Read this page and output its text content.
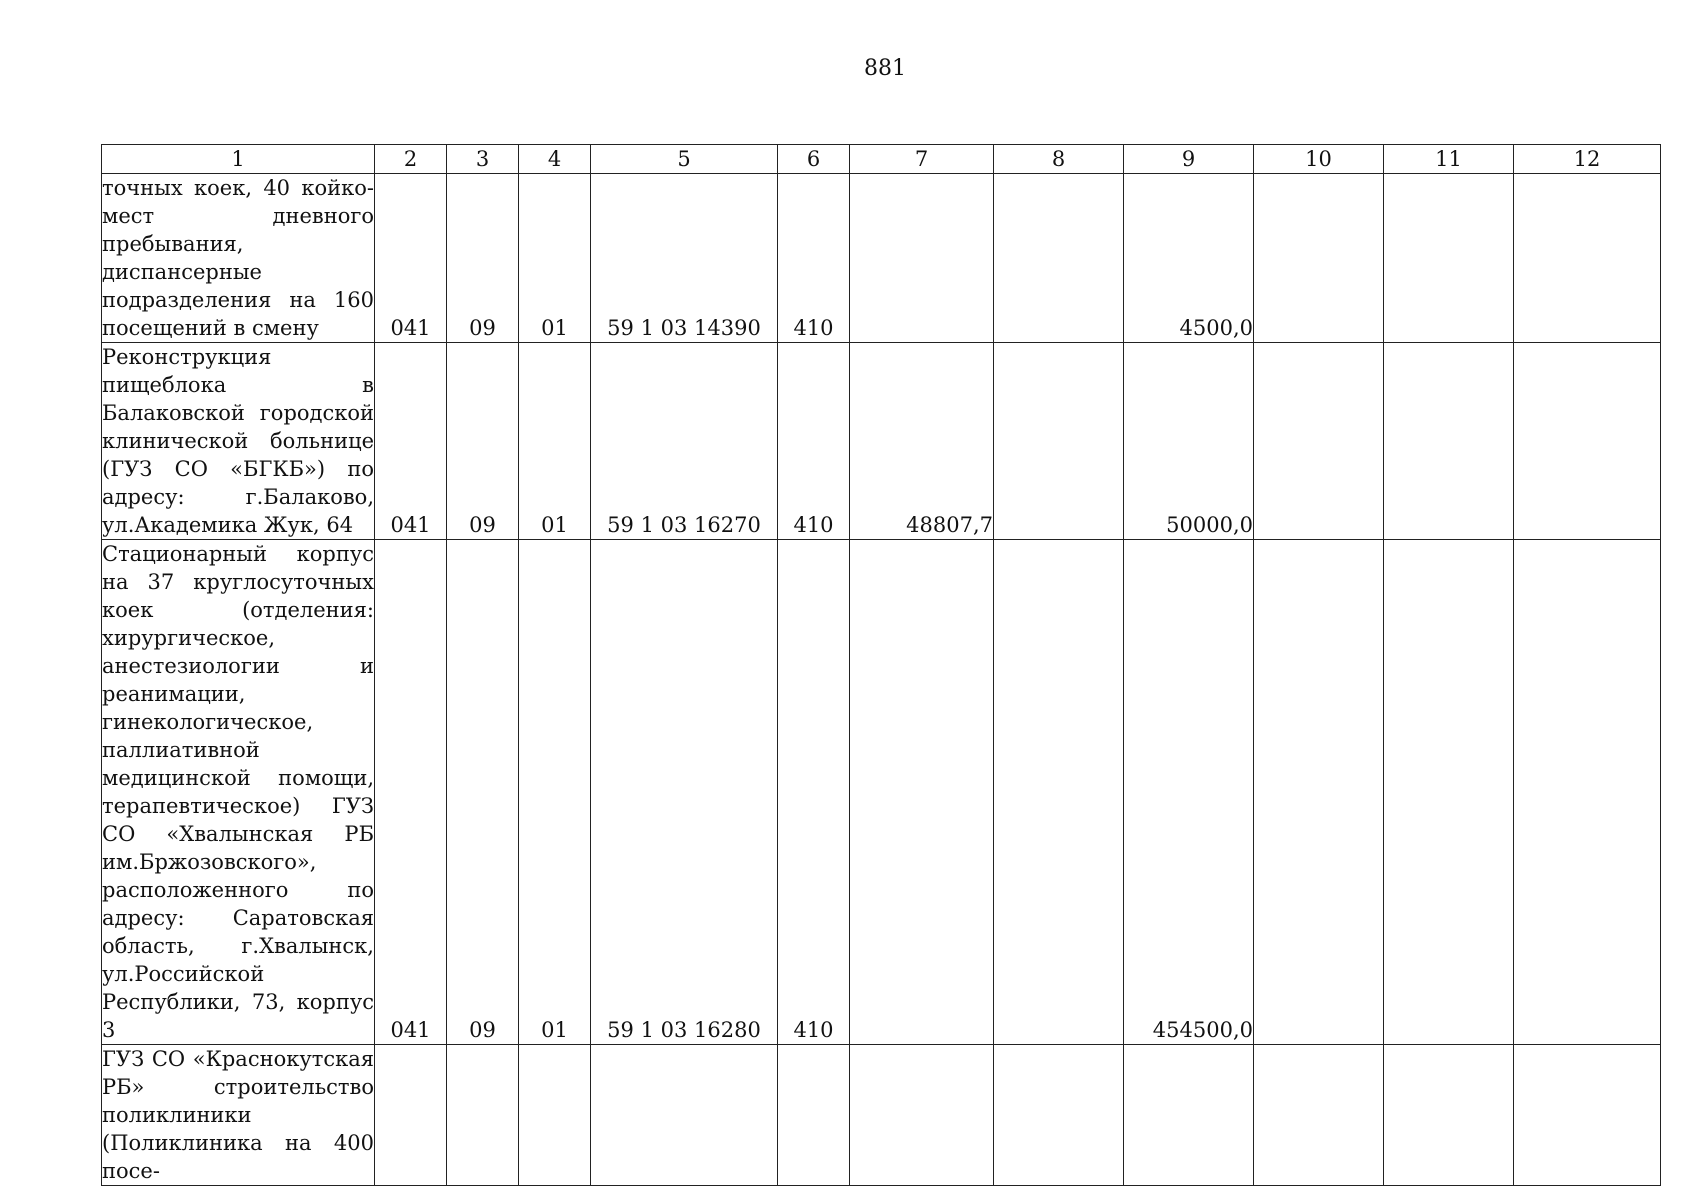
881
1	2	3	4	5	6	7	8	9	10	11	12
точных коек, 40 койко-мест дневного пребывания, диспансерные подразделения на 160 посещений в смену	041	09	01	59 1 03 14390	410			4500,0			
Реконструкция пищеблока в Балаковской городской клинической больнице (ГУЗ СО «БГКБ») по адресу: г.Балаково, ул.Академика Жук, 64	041	09	01	59 1 03 16270	410	48807,7		50000,0			
Стационарный корпус на 37 круглосуточных коек (отделения: хирургическое, анестезиологии и реанимации, гинекологическое, паллиативной медицинской помощи, терапевтическое) ГУЗ СО «Хвалынская РБ им.Бржозовского», расположенного по адресу: Саратовская область, г.Хвалынск, ул.Российской Республики, 73, корпус 3	041	09	01	59 1 03 16280	410			454500,0			
ГУЗ СО «Краснокутская РБ» строительство поликлиники (Поликлиника на 400 посе-											
